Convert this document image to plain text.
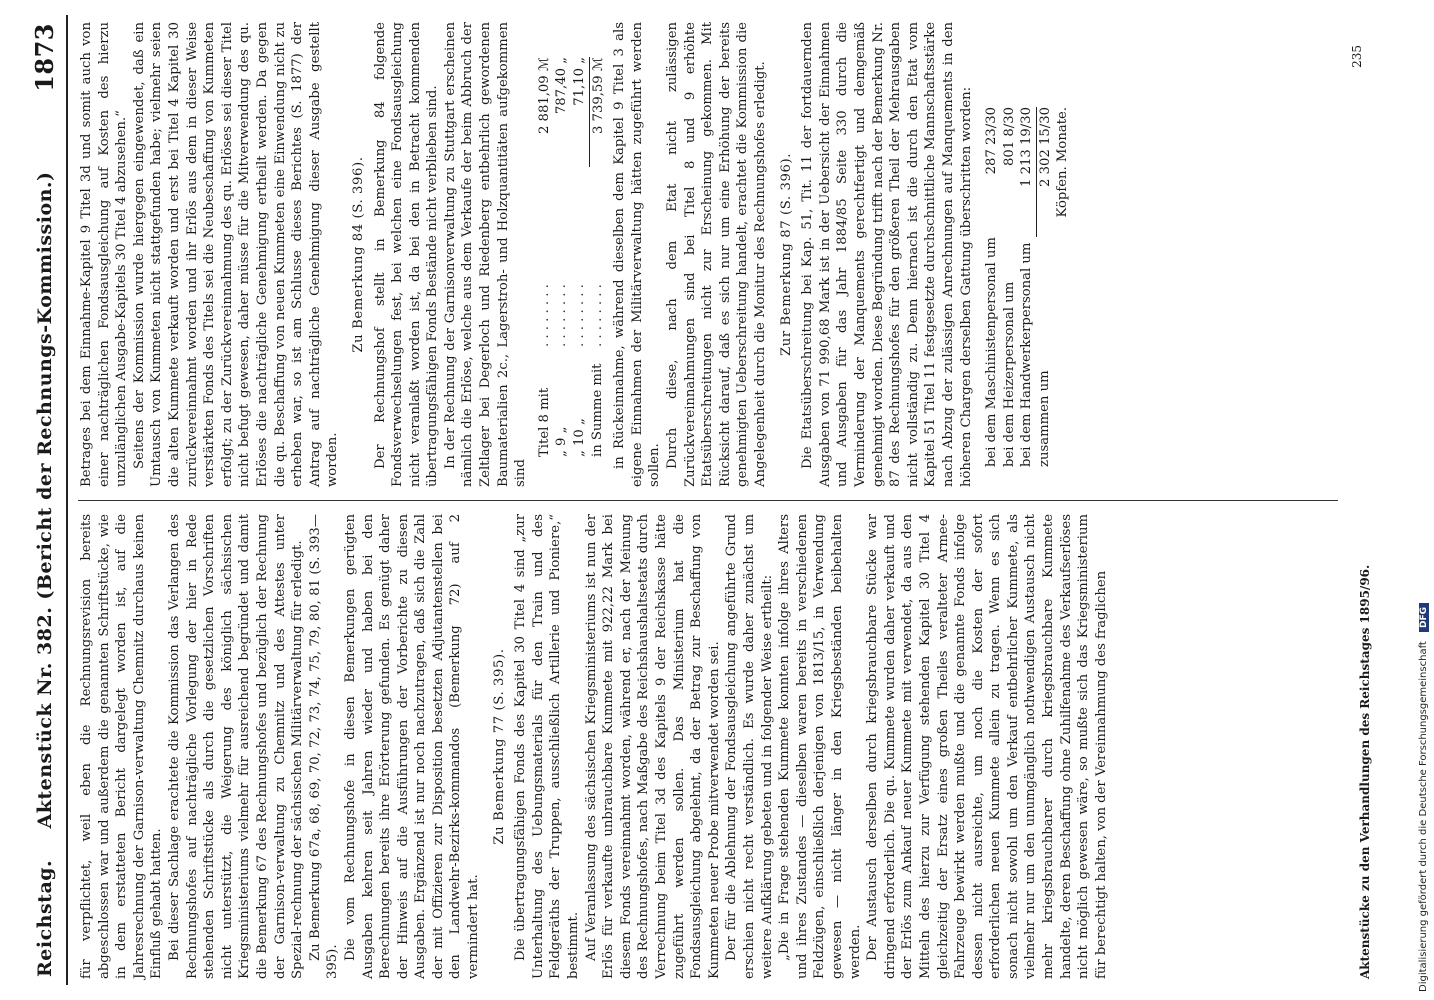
Reichstag.
Aktenstück Nr. 382. (Bericht der Rechnungs-Kommission.)
1873

für verpflichtet, weil eben die Rechnungsrevision bereits abgeschlossen war und außerdem die genannten Schriftstücke, wie in dem erstatteten Bericht dargelegt worden ist, auf die Jahresrechnung der Garnison-verwaltung Chemnitz durchaus keinen Einfluß gehabt hatten. Bei dieser Sachlage erachtete die Kommission das Verlangen des Rechnungshofes auf nachträgliche Vorlegung der hier in Rede stehenden Schriftstücke als durch die gesetzlichen Vorschriften nicht unterstützt, die Weigerung des königlich sächsischen Kriegsministeriums vielmehr für ausreichend begründet und damit die Bemerkung 67 des Rechnungshofes und bezüglich der Rechnung der Garnison-verwaltung zu Chemnitz und des Attestes unter Spezial-rechnung der sächsischen Militärverwaltung für erledigt. Zu Bemerkung 67a, 68, 69, 70, 72, 73, 74, 75, 79, 80, 81 (S. 393—395).

Die vom Rechnungshofe in diesen Bemerkungen gerügten Ausgaben kehren seit Jahren wieder und haben bei den Berechnungen bereits ihre Erörterung gefunden. Es genügt daher der Hinweis auf die Ausführungen der Vorberichte zu diesen Ausgaben. Ergänzend ist nur noch nachzutragen, daß sich die Zahl der mit Offizieren zur Disposition besetzten Adjutantenstellen bei den Landwehr-Bezirks-kommandos (Bemerkung 72) auf 2 vermindert hat.

Zu Bemerkung 77 (S. 395). Die übertragungsfähigen Fonds des Kapitel 30 Titel 4 sind „zur Unterhaltung des Uebungsmaterials für den Train und des Feldgeräths der Truppen, ausschließlich Artillerie und Pioniere,“ bestimmt. Auf Veranlassung des sächsischen Kriegsministeriums ist nun der Erlös für verkaufte unbrauchbare Kummete mit 922,22 Mark bei diesem Fonds vereinnahmt worden, während er, nach der Meinung des Rechnungshofes, nach Maßgabe des Reichshaushaltsetats durch Verrechnung beim Titel 3d des Kapitels 9 der Reichskasse hätte zugeführt werden sollen. Das Ministerium hat die Fondsausgleichung abgelehnt, da der Betrag zur Beschaffung von Kummeten neuer Probe mitverwendet worden sei. Der für die Ablehnung der Fondsausgleichung angeführte Grund erschien nicht recht verständlich. Es wurde daher zunächst um weitere Aufklärung gebeten und in folgender Weise ertheilt: „Die in Frage stehenden Kummete konnten infolge ihres Alters und ihres Zustandes — dieselben waren bereits in verschiedenen Feldzügen, einschließlich derjenigen von 1813/15, in Verwendung gewesen — nicht länger in den Kriegsbeständen beibehalten werden. Der Austausch derselben durch kriegsbrauchbare Stücke war dringend erforderlich. Die qu. Kummete wurden daher verkauft und der Erlös zum Ankauf neuer Kummete mit verwendet, da aus den Mitteln des hierzu zur Verfügung stehenden Kapitel 30 Titel 4 gleichzeitig der Ersatz eines großen Theiles veralteter Armee-Fahrzeuge bewirkt werden mußte und die genannte Fonds infolge dessen nicht ausreichte, um noch die Kosten der sofort erforderlichen neuen Kummete allein zu tragen. Wenn es sich sonach nicht sowohl um den Verkauf entbehrlicher Kummete, als vielmehr nur um den unumgänglich nothwendigen Austausch nicht mehr kriegsbrauchbarer durch kriegsbrauchbare Kummete handelte, deren Beschaffung ohne Zuhilfenahme des Verkaufserlöses nicht möglich gewesen wäre, so mußte sich das Kriegsministerium für berechtigt halten, von der Vereinnahmung des fraglichen

Betrages bei dem Einnahme-Kapitel 9 Titel 3d und somit auch von einer nachträglichen Fondsausgleichung auf Kosten des hierzu unzulänglichen Ausgabe-Kapitels 30 Titel 4 abzusehen.“ Seitens der Kommission wurde hiergegen eingewendet, daß ein Umtausch von Kummeten nicht stattgefunden habe; vielmehr seien die alten Kummete verkauft worden und erst bei Titel 4 Kapitel 30 zurückvereinnahmt worden und ihr Erlös aus dem in dieser Weise verstärkten Fonds des Titels sei die Neubeschaffung von Kummeten erfolgt; zu der Zurückvereinnahmung des qu. Erlöses sei dieser Titel nicht befugt gewesen, daher müsse für die Mitverwendung des qu. Erlöses die nachträgliche Genehmigung ertheilt werden. Da gegen die qu. Beschaffung von neuen Kummeten eine Einwendung nicht zu erheben war, so ist am Schlusse dieses Berichtes (S. 1877) der Antrag auf nachträgliche Genehmigung dieser Ausgabe gestellt worden.

Zu Bemerkung 84 (S. 396). Der Rechnungshof stellt in Bemerkung 84 folgende Fondsverwechselungen fest, bei welchen eine Fondsausgleichung nicht veranlaßt worden ist, da bei den in Betracht kommenden übertragungsfähigen Fonds Bestände nicht verblieben sind. In der Rechnung der Garnisonverwaltung zu Stuttgart erscheinen nämlich die Erlöse, welche aus dem Verkaufe der beim Abbruch der Zeltlager bei Degerloch und Riedenberg entbehrlich gewordenen Baumaterialien 2c., Lagerstroh- und Holzquantitäten aufgekommen sind

Titel 8 mit
. . . . . . . .
2 881,09 ℳ
„ 9 „
. . . . . . . .
787,40 „
„ 10 „
. . . . . . . .
71,10 „
in Summe mit
. . . . . . . .
3 739,59 ℳ in Rückeinnahme, während dieselben dem Kapitel 9 Titel 3 als eigene Einnahmen der Militärverwaltung hätten zugeführt werden sollen. Durch diese, nach dem Etat nicht zulässigen Zurückvereinnahmungen sind bei Titel 8 und 9 erhöhte Etatsüberschreitungen nicht zur Erscheinung gekommen. Mit Rücksicht darauf, daß es sich nur um eine Erhöhung der bereits genehmigten Ueberschreitung handelt, erachtet die Kommission die Angelegenheit durch die Monitur des Rechnungshofes erledigt. Zur Bemerkung 87 (S. 396). Die Etatsüberschreitung bei Kap. 51, Tit. 11 der fortdauernden Ausgaben von 71 990,68 Mark ist in der Uebersicht der Einnahmen und Ausgaben für das Jahr 1884/85 Seite 330 durch die Verminderung der Manquements gerechtfertigt und demgemäß genehmigt worden. Diese Begründung trifft nach der Bemerkung Nr. 87 des Rechnungshofes für den größeren Theil der Mehrausgaben nicht vollständig zu. Denn hiernach ist die durch den Etat vom Kapitel 51 Titel 11 festgesetzte durchschnittliche Mannschaftsstärke nach Abzug der zulässigen Anrechnungen auf Manquements in den höheren Chargen derselben Gattung überschritten worden: bei dem Maschinistenpersonal um
287 23/30
bei dem Heizerpersonal um
801 8/30
bei dem Handwerkerpersonal um
1 213 19/30
zusammen um
2 302 15/30 Köpfen. Monate.
Aktenstücke zu den Verhandlungen des Reichstages 1895/96.
235
Digitalisierung gefördert durch die Deutsche Forschungsgemeinschaft DFG
